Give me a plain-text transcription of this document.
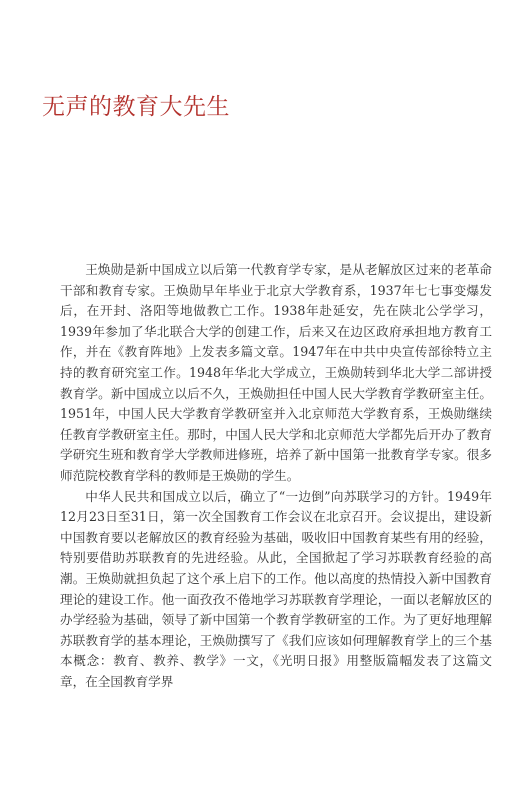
无声的教育大先生

王焕勋是新中国成立以后第一代教育学专家，是从老解放区过来的老革命干部和教育专家。王焕勋早年毕业于北京大学教育系，1937年七七事变爆发后，在开封、洛阳等地做教亡工作。1938年赴延安，先在陕北公学学习，1939年参加了华北联合大学的创建工作，后来又在边区政府承担地方教育工作，并在《教育阵地》上发表多篇文章。1947年在中共中央宣传部徐特立主持的教育研究室工作。1948年华北大学成立，王焕勋转到华北大学二部讲授教育学。新中国成立以后不久，王焕勋担任中国人民大学教育学教研室主任。1951年，中国人民大学教育学教研室并入北京师范大学教育系，王焕勋继续任教育学教研室主任。那时，中国人民大学和北京师范大学都先后开办了教育学研究生班和教育学大学教师进修班，培养了新中国第一批教育学专家。很多师范院校教育学科的教师是王焕勋的学生。

中华人民共和国成立以后，确立了“一边倒”向苏联学习的方针。1949年12月23日至31日，第一次全国教育工作会议在北京召开。会议提出，建设新中国教育要以老解放区的教育经验为基础，吸收旧中国教育某些有用的经验，特别要借助苏联教育的先进经验。从此，全国掀起了学习苏联教育经验的高潮。王焕勋就担负起了这个承上启下的工作。他以高度的热情投入新中国教育理论的建设工作。他一面孜孜不倦地学习苏联教育学理论，一面以老解放区的办学经验为基础，领导了新中国第一个教育学教研室的工作。为了更好地理解苏联教育学的基本理论，王焕勋撰写了《我们应该如何理解教育学上的三个基本概念：教育、教养、教学》一文，《光明日报》用整版篇幅发表了这篇文章，在全国教育学界
